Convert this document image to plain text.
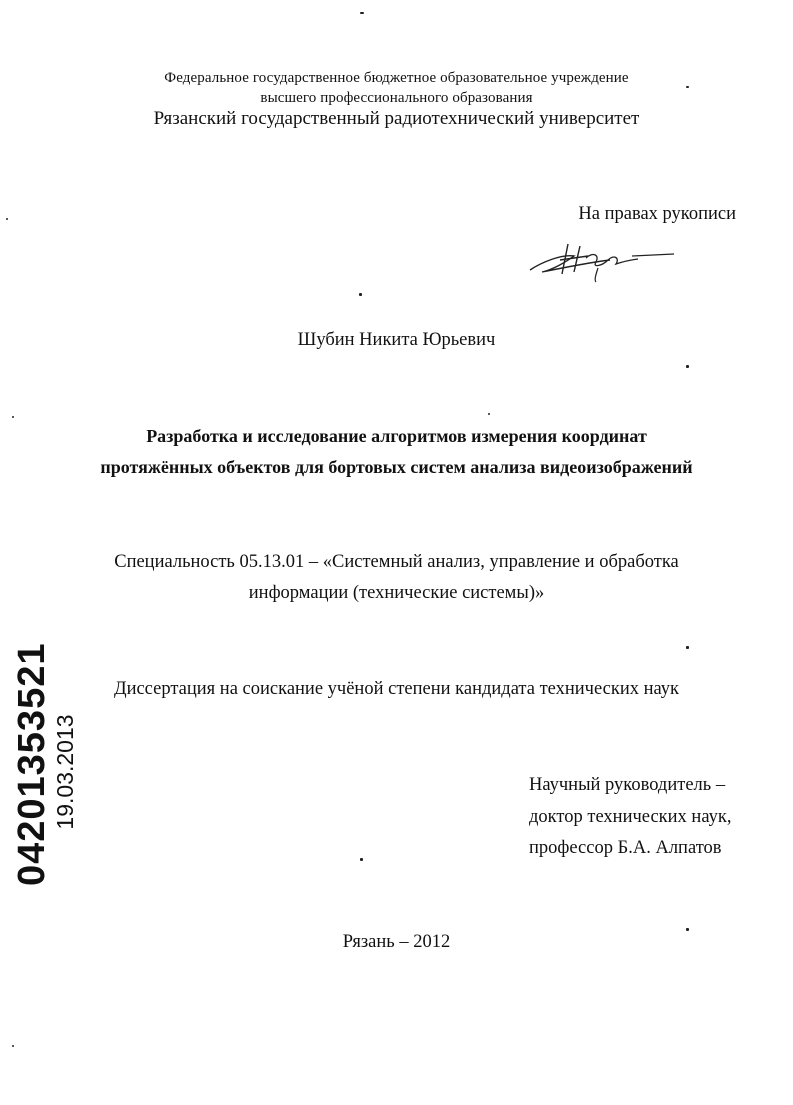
Федеральное государственное бюджетное образовательное учреждение

высшего профессионального образования

Рязанский государственный радиотехнический университет

На правах рукописи

Шубин Никита Юрьевич

Разработка и исследование алгоритмов измерения координат

протяжённых объектов для бортовых систем анализа видеоизображений

Специальность 05.13.01 – «Системный анализ, управление и обработка

информации (технические системы)»

Диссертация на соискание учёной степени кандидата технических наук

Научный руководитель –

доктор технических наук,

профессор Б.А. Алпатов

Рязань – 2012

04201353521 19.03.2013
